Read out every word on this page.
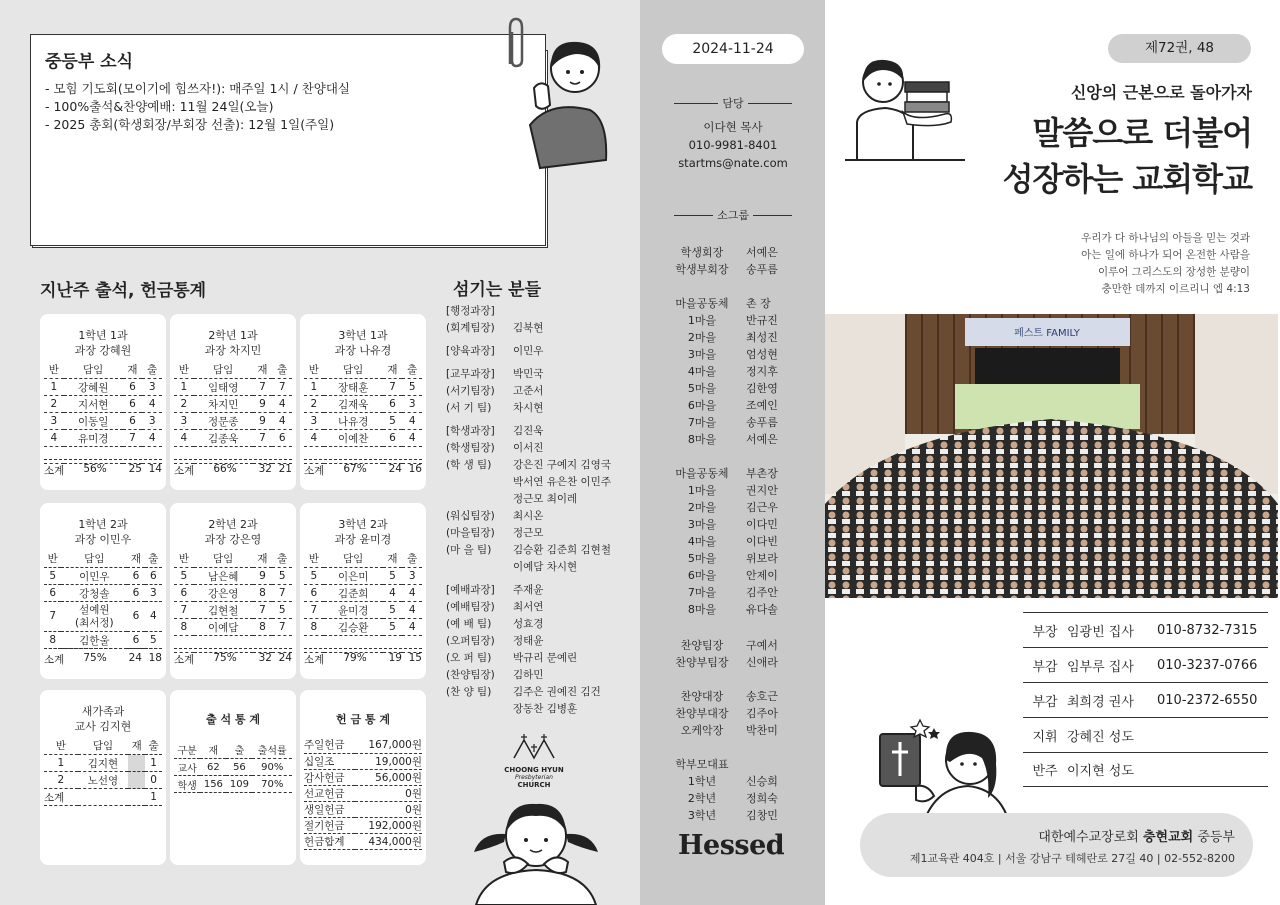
중등부 소식
- 모힘 기도회(모이기에 힘쓰자!): 매주일 1시 / 찬양대실
- 100%출석&찬양예배: 11월 24일(오늘)
- 2025 총회(학생회장/부회장 선출): 12월 1일(주일)
지난주 출석, 헌금통계	섬기는 분들
1학년 1과
과장 강혜원
반	담임	재	출
1	강혜원	6	3
2	지서현	6	4
3	이동일	6	3
4	유미경	7	4

소계	56%	25 14
2학년 1과
과장 차지민
반	담임	재	출
1	임태영	7	7
2	차지민	9	4
3	정문종	9	4
4	김종욱	7	6

소계	66%	32 21
3학년 1과
과장 나유경
반	담임	재	출
1	장태훈	7	5
2	김재욱	6	3
3	나유경	5	4
4	이예찬	6	4

소계	67%	24 16
1학년 2과
과장 이민우
반	담임	재	출
5	이민우	6	6
6	강청솔	6	3
7	설예원
(최서정)	6	4
8	김한울	6	5
소계	75%	24 18
2학년 2과
과장 강은영
반	담임	재	출
5	남은혜	9	5
6	강은영	8	7
7	김현철	7	5
8	이예담	8	7

소계	75%	32 24
3학년 2과
과장 윤미경
반	담임	재	출
5	이은미	5	3
6	김준희	4	4
7	윤미경	5	4
8	김승환	5	4

소계	79%	19 15
새가족과
교사 김지현
반	담임	재	출
1	김지현		1
2	노선영		0
소계			1
출 석 통 계
구분	재	출	출석률
교사	62	56	90%
학생	156	109	70%
헌 금 통 계
주일헌금	167,000원
십일조	19,000원
감사헌금	56,000원
선교헌금	0원
생일헌금	0원
절기헌금	192,000원
헌금합계	434,000원
[행정과장]
(회계팀장)	김북현
[양육과장]	이민우
[교무과장]	박민국
(서기팀장)	고준서
(서 기 팀)	차시현
[학생과장]	김진욱
(학생팀장)	이서진
(학 생 팀)	강은진 구예지 김영국
박서연 유은찬 이민주
정근모 최이레
(워십팀장)	최시온
(마을팀장)	정근모
(마 을 팀)	김승환 김준희 김현철
이예담 차시현
[예배과장]	주재윤
(예배팀장)	최서연
(예 배 팀)	성효경
(오퍼팀장)	정태윤
(오 퍼 팀)	박규리 문예린
(찬양팀장)	김하민
(찬 양 팀)	김주은 권예진 김건
장동찬 김병훈
CHOONG HYUN
Presbyterian
CHURCH
2024-11-24
담당
이다현 목사
010-9981-8401
startms@nate.com
소그룹
학생회장	서예은
학생부회장	송푸름
마을공동체	촌 장
1마을	반규진
2마을	최성진
3마을	엄성현
4마을	정지후
5마을	김한영
6마을	조예인
7마을	송푸름
8마을	서예은
마을공동체	부촌장
1마을	권지안
2마을	김근우
3마을	이다민
4마을	이다빈
5마을	위보라
6마을	안제이
7마을	김주안
8마을	유다솔
찬양팀장	구예서
찬양부팀장	신애라
찬양대장	송호근
찬양부대장	김주아
오케악장	박찬미
학부모대표
1학년	신승희
2학년	정희숙
3학년	김창민
Hessed
제72권, 48
신앙의 근본으로 돌아가자
말씀으로 더불어
성장하는 교회학교
우리가 다 하나님의 아들을 믿는 것과
아는 일에 하나가 되어 온전한 사람을
이루어 그리스도의 장성한 분량이
충만한 데까지 이르리니 엡 4:13
페스트 FAMILY
부장 임광빈 집사	010-8732-7315
부감 임부루 집사	010-3237-0766
부감 최희경 권사	010-2372-6550
지휘 강혜진 성도
반주 이지현 성도
대한예수교장로회 충현교회 중등부
제1교육관 404호 | 서울 강남구 테헤란로 27길 40 | 02-552-8200
